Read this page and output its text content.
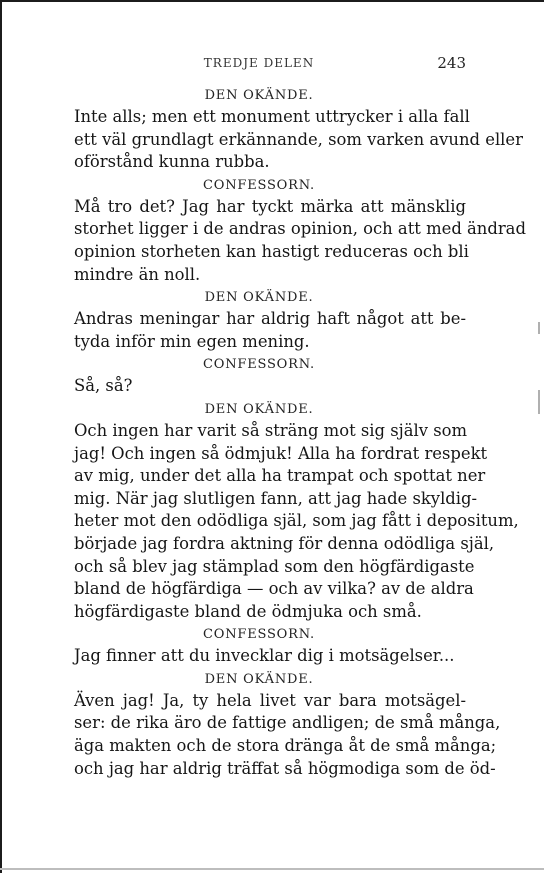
TREDJE DELEN	243
DEN OKÄNDE.

Inte alls; men ett monument uttrycker i alla fall
ett väl grundlagt erkännande, som varken avund eller
oförstånd kunna rubba.

CONFESSORN.

Må tro det? Jag har tyckt märka att mänsklig
storhet ligger i de andras opinion, och att med ändrad
opinion storheten kan hastigt reduceras och bli
mindre än noll.

DEN OKÄNDE.

Andras meningar har aldrig haft något att be-
tyda inför min egen mening.

CONFESSORN.

Så, så?

DEN OKÄNDE.

Och ingen har varit så sträng mot sig själv som
jag! Och ingen så ödmjuk! Alla ha fordrat respekt
av mig, under det alla ha trampat och spottat ner
mig. När jag slutligen fann, att jag hade skyldig-
heter mot den odödliga själ, som jag fått i depositum,
började jag fordra aktning för denna odödliga själ,
och så blev jag stämplad som den högfärdigaste
bland de högfärdiga — och av vilka? av de aldra
högfärdigaste bland de ödmjuka och små.

CONFESSORN.

Jag finner att du invecklar dig i motsägelser...

DEN OKÄNDE.

Även jag! Ja, ty hela livet var bara motsägel-
ser: de rika äro de fattige andligen; de små många,
äga makten och de stora dränga åt de små många;
och jag har aldrig träffat så högmodiga som de öd-
